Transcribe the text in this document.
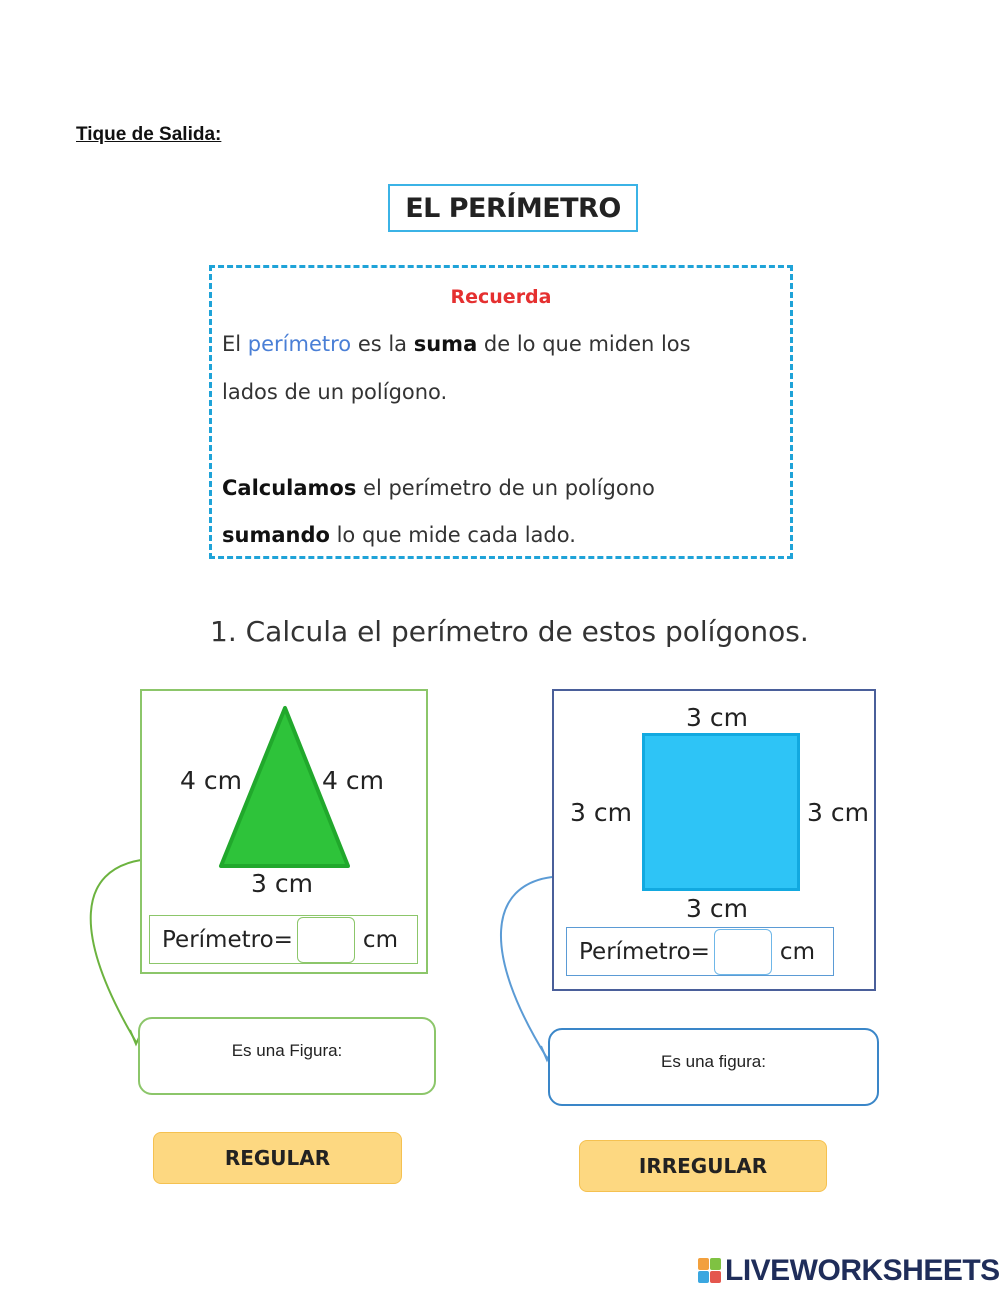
Tique de Salida:
EL PERÍMETRO
Recuerda
El perímetro es la suma de lo que miden los
lados de un polígono.
Calculamos el perímetro de un polígono
sumando lo que mide cada lado.
1. Calcula el perímetro de estos polígonos.
4 cm	4 cm
3 cm
Perímetro=	cm
3 cm
3 cm	3 cm
3 cm
Perímetro=	cm
Es una Figura:
Es una figura:
REGULAR	IRREGULAR
LIVEWORKSHEETS
